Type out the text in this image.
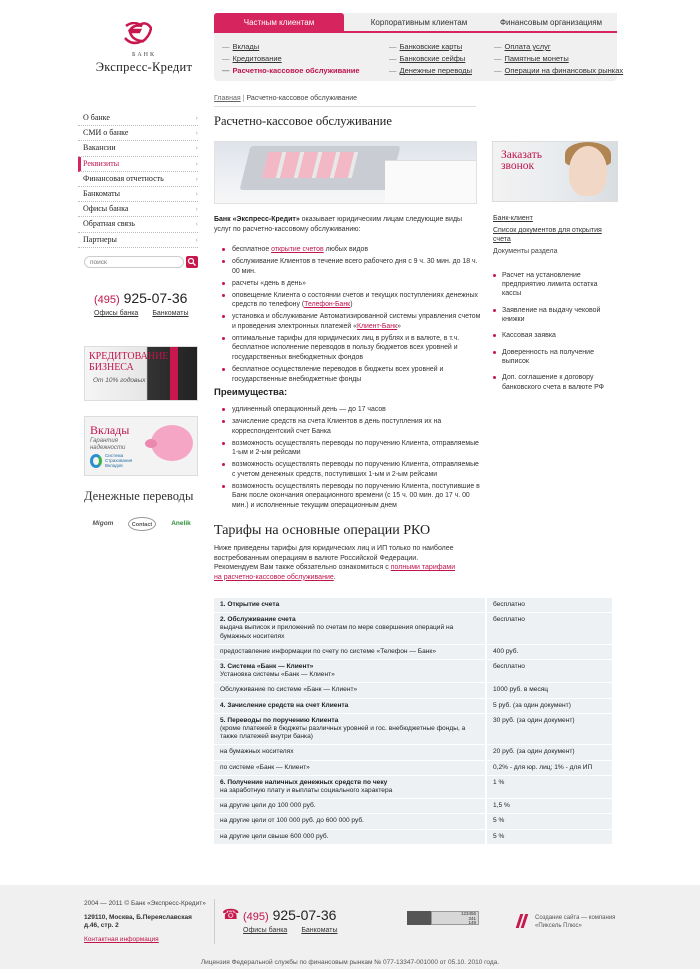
БАНК
Экспресс-Кредит
Частным клиентам	Корпоративным клиентам	Финансовым организациям
— Вклады
— Кредитование
— Расчетно-кассовое обслуживание
— Банковские карты
— Банковские сейфы
— Денежные переводы
— Оплата услуг
— Памятные монеты
— Операции на финансовых рынках
О банке	›
СМИ о банке	›
Вакансии	›
Реквизиты	›
Финансовая отчетность	›
Банкоматы	›
Офисы банка	›
Обратная связь	›
Партнеры	›
поиск
(495) 925-07-36
Офисы банка Банкоматы
КРЕДИТОВАНИЕ БИЗНЕСА
От 10% годовых
Вклады
Гарантия надежности
Система Страхования Вкладов
Денежные переводы
Migom	Contact	Anelik
Главная | Расчетно-кассовое обслуживание
Расчетно-кассовое обслуживание
Банк «Экспресс-Кредит» оказывает юридическим лицам следующие виды услуг по расчетно-кассовому обслуживанию:
бесплатное открытие счетов любых видов
обслуживание Клиентов в течение всего рабочего дня с 9 ч. 30 мин. до 18 ч. 00 мин.
расчеты «день в день»
оповещение Клиента о состоянии счетов и текущих поступлениях денежных средств по телефону (Телефон-Банк)
установка и обслуживание Автоматизированной системы управления счетом и проведения электронных платежей «Клиент-Банк»
оптимальные тарифы для юридических лиц в рублях и в валюте, в т.ч. бесплатное исполнение переводов в пользу бюджетов всех уровней и государственных внебюджетных фондов
бесплатное осуществление переводов в бюджеты всех уровней и государственные внебюджетные фонды
Преимущества:
удлиненный операционный день — до 17 часов
зачисление средств на счета Клиентов в день поступления их на корреспондентский счет Банка
возможность осуществлять переводы по поручению Клиента, отправляемые 1-ым и 2-ым рейсами
возможность осуществлять переводы по поручению Клиента, отправляемые с учетом денежных средств, поступивших 1-ым и 2-ым рейсами
возможность осуществлять переводы по поручению Клиента, поступившие в Банк после окончания операционного времени (с 15 ч. 00 мин. до 17 ч. 00 мин.) и исполненные текущим операционным днем
Тарифы на основные операции РКО
Ниже приведены тарифы для юридических лиц и ИП только по наиболее востребованным операциям в валюте Российской Федерации.
Рекомендуем Вам также обязательно ознакомиться с полными тарифами на расчетно-кассовое обслуживание.
1. Открытие счета	бесплатно
2. Обслуживание счета
выдача выписок и приложений по счетам по мере совершения операций на бумажных носителях	бесплатно
предоставление информации по счету по системе «Телефон — Банк»	400 руб.
3. Система «Банк — Клиент»
Установка системы «Банк — Клиент»	бесплатно
Обслуживание по системе «Банк — Клиент»	1000 руб. в месяц
4. Зачисление средств на счет Клиента	5 руб. (за один документ)
5. Переводы по поручению Клиента
(кроме платежей в бюджеты различных уровней и гос. внебюджетные фонды, а также платежей внутри банка)	30 руб. (за один документ)
на бумажных носителях	20 руб. (за один документ)
по системе «Банк — Клиент»	0,2% - для юр. лиц; 1% - для ИП
6. Получение наличных денежных средств по чеку
на заработную плату и выплаты социального характера	1 %
на другие цели до 100 000 руб.	1,5 %
на другие цели от 100 000 руб. до 600 000 руб.	5 %
на другие цели свыше 600 000 руб.	5 %
Заказать звонок
Банк-клиент
Список документов для открытия счета
Документы раздела
Расчет на установление предприятию лимита остатка кассы
Заявление на выдачу чековой книжки
Кассовая заявка
Доверенность на получение выписок
Доп. соглашение к договору банковского счета в валюте РФ
2004 — 2011 © Банк «Экспресс-Кредит»
129110, Москва, Б.Переяславская д.46, стр. 2
Контактная информация
☎ (495) 925-07-36
Офисы банка Банкоматы
123456
341
149
Создание сайта — компания «Пиксель Плюс»
Лицензия Федеральной службы по финансовым рынкам № 077-13347-001000 от 05.10. 2010 года.
